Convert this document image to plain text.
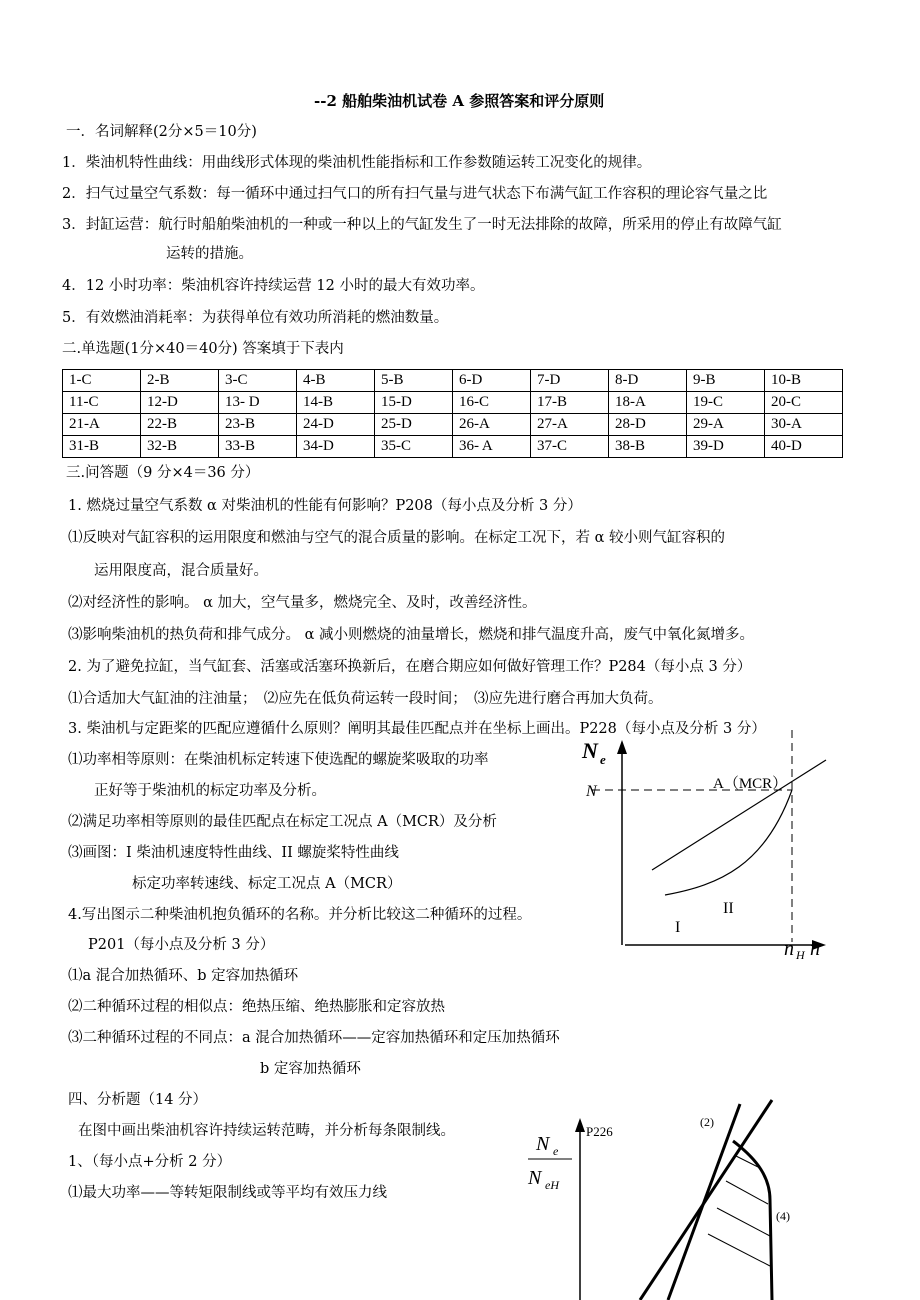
--2 船舶柴油机试卷 A 参照答案和评分原则
一．名词解释(2分×5＝10分)
1．柴油机特性曲线：用曲线形式体现的柴油机性能指标和工作参数随运转工况变化的规律。
2．扫气过量空气系数：每一循环中通过扫气口的所有扫气量与进气状态下布满气缸工作容积的理论容气量之比
3．封缸运营：航行时船舶柴油机的一种或一种以上的气缸发生了一时无法排除的故障，所采用的停止有故障气缸
运转的措施。
4．12 小时功率：柴油机容许持续运营 12 小时的最大有效功率。
5．有效燃油消耗率：为获得单位有效功所消耗的燃油数量。
二.单选题(1分×40＝40分) 答案填于下表内
1-C	2-B	3-C	4-B	5-B	6-D	7-D	8-D	9-B	10-B
11-C	12-D	13- D	14-B	15-D	16-C	17-B	18-A	19-C	20-C
21-A	22-B	23-B	24-D	25-D	26-A	27-A	28-D	29-A	30-A
31-B	32-B	33-B	34-D	35-C	36- A	37-C	38-B	39-D	40-D
三.问答题（9 分×4＝36 分）
1. 燃烧过量空气系数 α 对柴油机的性能有何影响？P208（每小点及分析 3 分）
⑴反映对气缸容积的运用限度和燃油与空气的混合质量的影响。在标定工况下，若 α 较小则气缸容积的
运用限度高，混合质量好。
⑵对经济性的影响。 α 加大，空气量多，燃烧完全、及时，改善经济性。
⑶影响柴油机的热负荷和排气成分。 α 减小则燃烧的油量增长，燃烧和排气温度升高，废气中氧化氮增多。
2. 为了避免拉缸，当气缸套、活塞或活塞环换新后，在磨合期应如何做好管理工作？P284（每小点 3 分）
⑴合适加大气缸油的注油量；　⑵应先在低负荷运转一段时间；　⑶应先进行磨合再加大负荷。
3. 柴油机与定距桨的匹配应遵循什么原则？阐明其最佳匹配点并在坐标上画出。P228（每小点及分析 3 分）
⑴功率相等原则：在柴油机标定转速下使选配的螺旋桨吸取的功率
正好等于柴油机的标定功率及分析。
⑵满足功率相等原则的最佳匹配点在标定工况点 A（MCR）及分析
⑶画图：I 柴油机速度特性曲线、II 螺旋桨特性曲线
标定功率转速线、标定工况点 A（MCR）
4.写出图示二种柴油机抱负循环的名称。并分析比较这二种循环的过程。
P201（每小点及分析 3 分）
⑴a 混合加热循环、b 定容加热循环
⑵二种循环过程的相似点：绝热压缩、绝热膨胀和定容放热
⑶二种循环过程的不同点：a 混合加热循环——定容加热循环和定压加热循环
b 定容加热循环
四、分析题（14 分）
在图中画出柴油机容许持续运转范畴，并分析每条限制线。
1、（每小点+分析 2 分）
⑴最大功率——等转矩限制线或等平均有效压力线
N e
N	A（MCR）
I
II
n H n
N e
N eH
P226
(2)
(4)
